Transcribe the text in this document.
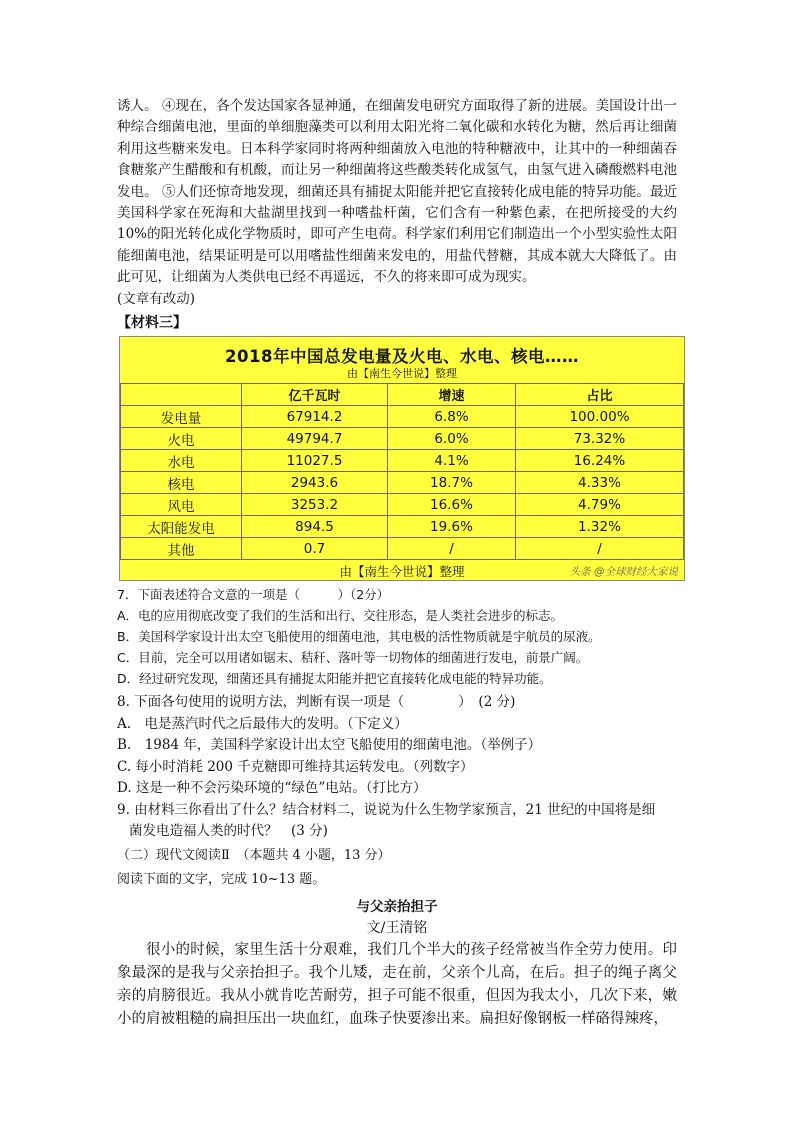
诱人。 ④现在，各个发达国家各显神通，在细菌发电研究方面取得了新的进展。美国设计出一种综合细菌电池，里面的单细胞藻类可以利用太阳光将二氧化碳和水转化为糖，然后再让细菌利用这些糖来发电。日本科学家同时将两种细菌放入电池的特种糖液中，让其中的一种细菌吞食糖浆产生醋酸和有机酸，而让另一种细菌将这些酸类转化成氢气，由氢气进入磷酸燃料电池发电。 ⑤人们还惊奇地发现，细菌还具有捕捉太阳能并把它直接转化成电能的特异功能。最近美国科学家在死海和大盐湖里找到一种嗜盐杆菌，它们含有一种紫色素，在把所接受的大约 10%的阳光转化成化学物质时，即可产生电荷。科学家们利用它们制造出一个小型实验性太阳能细菌电池，结果证明是可以用嗜盐性细菌来发电的，用盐代替糖，其成本就大大降低了。由此可见，让细菌为人类供电已经不再遥远，不久的将来即可成为现实。

(文章有改动)

【材料三】
2018年中国总发电量及火电、水电、核电……
由【南生今世说】整理
	亿千瓦时	增速	占比
发电量	67914.2	6.8%	100.00%
火电	49794.7	6.0%	73.32%
水电	11027.5	4.1%	16.24%
核电	2943.6	18.7%	4.33%
风电	3253.2	16.6%	4.79%
太阳能发电	894.5	19.6%	1.32%
其他	0.7	/	/
由【南生今世说】整理	头条 @全球财经大家说

7．下面表述符合文意的一项是（　　　）（2分）

A．电的应用彻底改变了我们的生活和出行、交往形态，是人类社会进步的标志。

B．美国科学家设计出太空飞船使用的细菌电池，其电极的活性物质就是宇航员的尿液。

C．目前，完全可以用诸如锯末、秸秆、落叶等一切物体的细菌进行发电，前景广阔。

D．经过研究发现，细菌还具有捕捉太阳能并把它直接转化成电能的特异功能。

8. 下面各句使用的说明方法，判断有误一项是（　　　　）　(2 分)

A.　电是蒸汽时代之后最伟大的发明。（下定义）

B.　1984 年，美国科学家设计出太空飞船使用的细菌电池。（举例子）

C. 每小时消耗 200 千克糖即可维持其运转发电。（列数字）

D. 这是一种不会污染环境的“绿色”电站。（打比方）

9. 由材料三你看出了什么？结合材料二，说说为什么生物学家预言，21 世纪的中国将是细

菌发电造福人类的时代？　(3 分)

（二）现代文阅读Ⅱ　（本题共 4 小题，13 分）

阅读下面的文字，完成 10~13 题。

与父亲抬担子
文/王清铭

很小的时候，家里生活十分艰难，我们几个半大的孩子经常被当作全劳力使用。印象最深的是我与父亲抬担子。我个儿矮，走在前，父亲个儿高，在后。担子的绳子离父亲的肩膀很近。我从小就肯吃苦耐劳，担子可能不很重，但因为我太小，几次下来，嫩小的肩被粗糙的扁担压出一块血红，血珠子快要渗出来。扁担好像钢板一样硌得辣疼，
